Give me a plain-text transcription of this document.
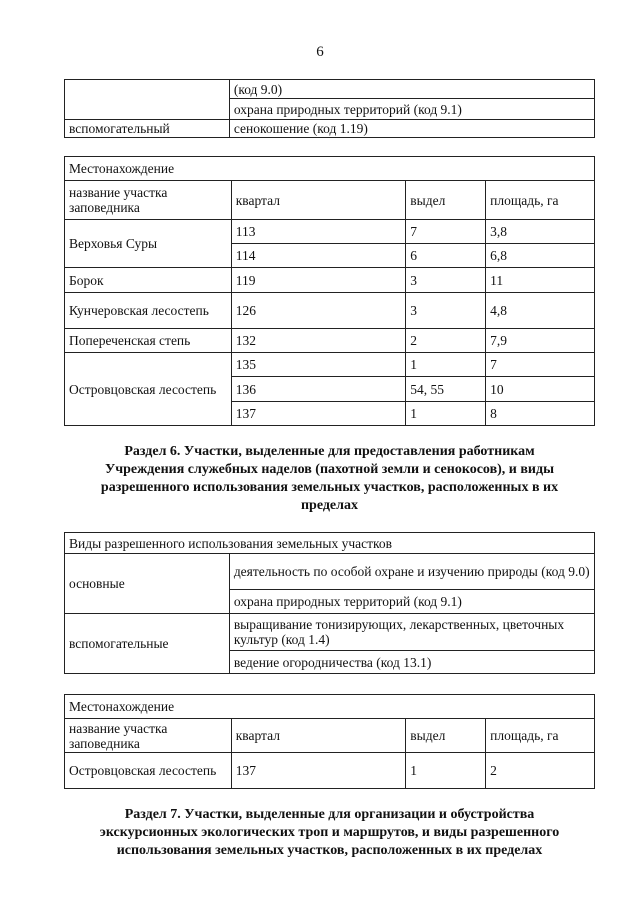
6
	(код 9.0)
	охрана природных территорий (код 9.1)
вспомогательный	сенокошение (код 1.19)
Местонахождение			
название участка заповедника	квартал	выдел	площадь, га
Верховья Суры	113	7	3,8
	114	6	6,8
Борок	119	3	11
Кунчеровская лесостепь	126	3	4,8
Попереченская степь	132	2	7,9
Островцовская лесостепь	135	1	7
	136	54, 55	10
	137	1	8
Раздел 6. Участки, выделенные для предоставления работникам
Учреждения служебных наделов (пахотной земли и сенокосов), и виды
разрешенного использования земельных участков, расположенных в их
пределах
Виды разрешенного использования земельных участков	
основные	деятельность по особой охране и изучению природы (код 9.0)
	охрана природных территорий (код 9.1)
вспомогательные	выращивание тонизирующих, лекарственных, цветочных культур (код 1.4)
	ведение огородничества (код 13.1)
Местонахождение			
название участка заповедника	квартал	выдел	площадь, га
Островцовская лесостепь	137	1	2
Раздел 7. Участки, выделенные для организации и обустройства
экскурсионных экологических троп и маршрутов, и виды разрешенного
использования земельных участков, расположенных в их пределах
